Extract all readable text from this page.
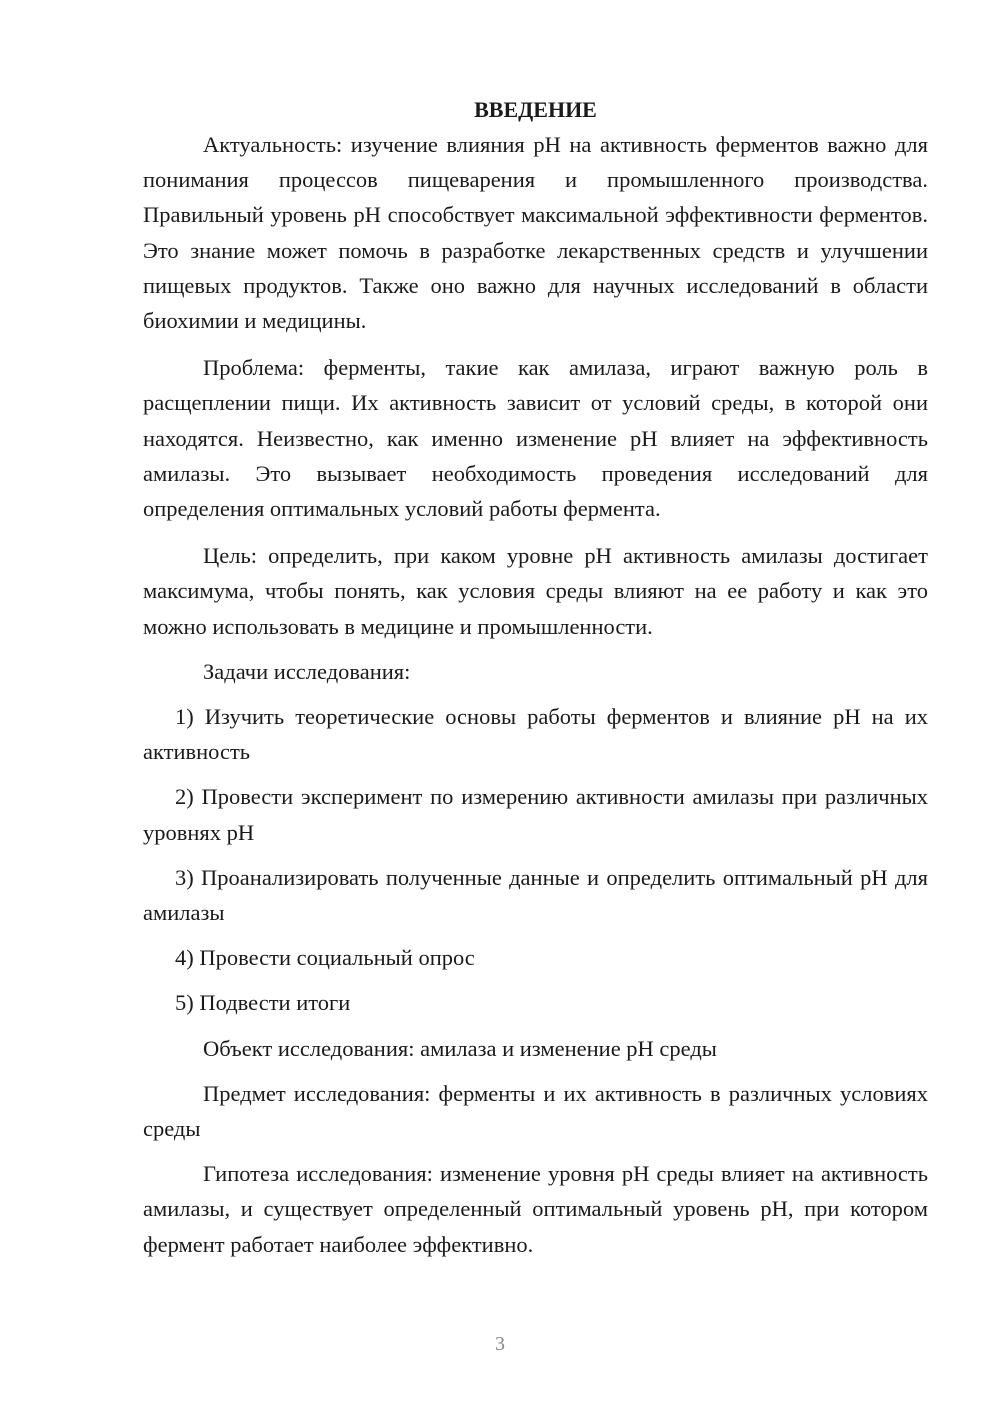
ВВЕДЕНИЕ

Актуальность: изучение влияния pH на активность ферментов важно для понимания процессов пищеварения и промышленного производства. Правильный уровень pH способствует максимальной эффективности ферментов. Это знание может помочь в разработке лекарственных средств и улучшении пищевых продуктов. Также оно важно для научных исследований в области биохимии и медицины.

Проблема: ферменты, такие как амилаза, играют важную роль в расщеплении пищи. Их активность зависит от условий среды, в которой они находятся. Неизвестно, как именно изменение pH влияет на эффективность амилазы. Это вызывает необходимость проведения исследований для определения оптимальных условий работы фермента.

Цель: определить, при каком уровне pH активность амилазы достигает максимума, чтобы понять, как условия среды влияют на ее работу и как это можно использовать в медицине и промышленности.

Задачи исследования:

1) Изучить теоретические основы работы ферментов и влияние pH на их активность

2) Провести эксперимент по измерению активности амилазы при различных уровнях pH

3) Проанализировать полученные данные и определить оптимальный pH для амилазы

4) Провести социальный опрос

5) Подвести итоги

Объект исследования: амилаза и изменение pH среды

Предмет исследования: ферменты и их активность в различных условиях среды

Гипотеза исследования: изменение уровня pH среды влияет на активность амилазы, и существует определенный оптимальный уровень pH, при котором фермент работает наиболее эффективно.

3
